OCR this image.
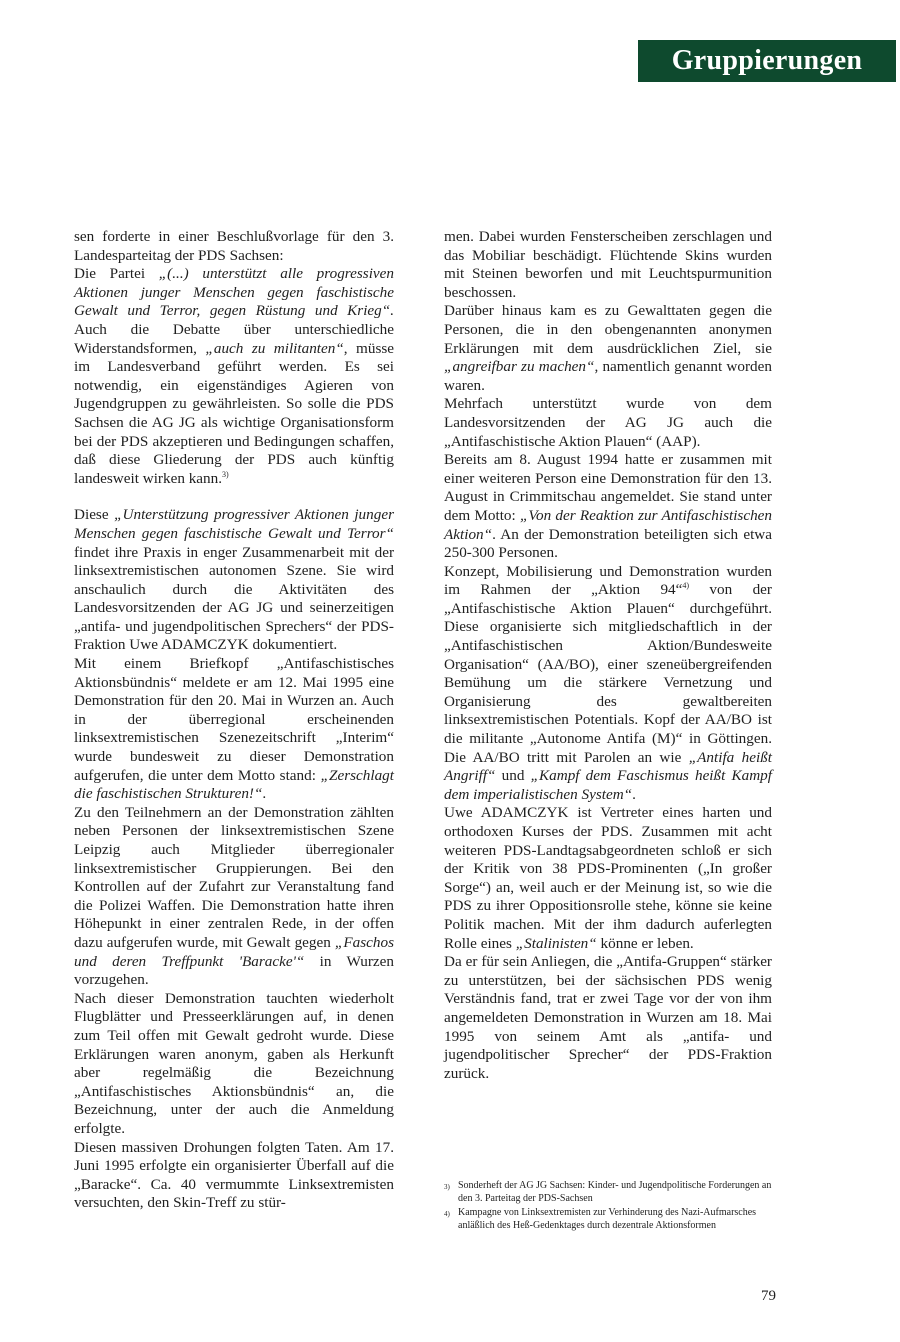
Gruppierungen

sen forderte in einer Beschlußvorlage für den 3. Landesparteitag der PDS Sachsen:
Die Partei „(...) unterstützt alle progressiven Aktionen junger Menschen gegen faschistische Gewalt und Terror, gegen Rüstung und Krieg“. Auch die Debatte über unterschiedliche Widerstandsformen, „auch zu militanten“, müsse im Landesverband geführt werden. Es sei notwendig, ein eigenständiges Agieren von Jugendgruppen zu gewährleisten. So solle die PDS Sachsen die AG JG als wichtige Organisationsform bei der PDS akzeptieren und Bedingungen schaffen, daß diese Gliederung der PDS auch künftig landesweit wirken kann.$^{3)}$

Diese „Unterstützung progressiver Aktionen junger Menschen gegen faschistische Gewalt und Terror“ findet ihre Praxis in enger Zusammenarbeit mit der linksextremistischen autonomen Szene. Sie wird anschaulich durch die Aktivitäten des Landesvorsitzenden der AG JG und seinerzeitigen „antifa- und jugendpolitischen Sprechers“ der PDS-Fraktion Uwe ADAMCZYK dokumentiert.

Mit einem Briefkopf „Antifaschistisches Aktionsbündnis“ meldete er am 12. Mai 1995 eine Demonstration für den 20. Mai in Wurzen an. Auch in der überregional erscheinenden linksextremistischen Szenezeitschrift „Interim“ wurde bundesweit zu dieser Demonstration aufgerufen, die unter dem Motto stand: „Zerschlagt die faschistischen Strukturen!“.

Zu den Teilnehmern an der Demonstration zählten neben Personen der linksextremistischen Szene Leipzig auch Mitglieder überregionaler linksextremistischer Gruppierungen. Bei den Kontrollen auf der Zufahrt zur Veranstaltung fand die Polizei Waffen. Die Demonstration hatte ihren Höhepunkt in einer zentralen Rede, in der offen dazu aufgerufen wurde, mit Gewalt gegen „Faschos und deren Treffpunkt 'Baracke'“ in Wurzen vorzugehen.

Nach dieser Demonstration tauchten wiederholt Flugblätter und Presseerklärungen auf, in denen zum Teil offen mit Gewalt gedroht wurde. Diese Erklärungen waren anonym, gaben als Herkunft aber regelmäßig die Bezeichnung „Antifaschistisches Aktionsbündnis“ an, die Bezeichnung, unter der auch die Anmeldung erfolgte.

Diesen massiven Drohungen folgten Taten. Am 17. Juni 1995 erfolgte ein organisierter Überfall auf die „Baracke“. Ca. 40 vermummte Linksextremisten versuchten, den Skin-Treff zu stür-

men. Dabei wurden Fensterscheiben zerschlagen und das Mobiliar beschädigt. Flüchtende Skins wurden mit Steinen beworfen und mit Leuchtspurmunition beschossen.

Darüber hinaus kam es zu Gewalttaten gegen die Personen, die in den obengenannten anonymen Erklärungen mit dem ausdrücklichen Ziel, sie „angreifbar zu machen“, namentlich genannt worden waren.

Mehrfach unterstützt wurde von dem Landesvorsitzenden der AG JG auch die „Antifaschistische Aktion Plauen“ (AAP).

Bereits am 8. August 1994 hatte er zusammen mit einer weiteren Person eine Demonstration für den 13. August in Crimmitschau angemeldet. Sie stand unter dem Motto: „Von der Reaktion zur Antifaschistischen Aktion“. An der Demonstration beteiligten sich etwa 250-300 Personen.

Konzept, Mobilisierung und Demonstration wurden im Rahmen der „Aktion 94“$^{4)}$ von der „Antifaschistische Aktion Plauen“ durchgeführt. Diese organisierte sich mitgliedschaftlich in der „Antifaschistischen Aktion/Bundesweite Organisation“ (AA/BO), einer szeneübergreifenden Bemühung um die stärkere Vernetzung und Organisierung des gewaltbereiten linksextremistischen Potentials. Kopf der AA/BO ist die militante „Autonome Antifa (M)“ in Göttingen. Die AA/BO tritt mit Parolen an wie „Antifa heißt Angriff“ und „Kampf dem Faschismus heißt Kampf dem imperialistischen System“.

Uwe ADAMCZYK ist Vertreter eines harten und orthodoxen Kurses der PDS. Zusammen mit acht weiteren PDS-Landtagsabgeordneten schloß er sich der Kritik von 38 PDS-Prominenten („In großer Sorge“) an, weil auch er der Meinung ist, so wie die PDS zu ihrer Oppositionsrolle stehe, könne sie keine Politik machen. Mit der ihm dadurch auferlegten Rolle eines „Stalinisten“ könne er leben.

Da er für sein Anliegen, die „Antifa-Gruppen“ stärker zu unterstützen, bei der sächsischen PDS wenig Verständnis fand, trat er zwei Tage vor der von ihm angemeldeten Demonstration in Wurzen am 18. Mai 1995 von seinem Amt als „antifa- und jugendpolitischer Sprecher“ der PDS-Fraktion zurück.

3) Sonderheft der AG JG Sachsen: Kinder- und Jugendpolitische Forderungen an den 3. Parteitag der PDS-Sachsen
4) Kampagne von Linksextremisten zur Verhinderung des Nazi-Aufmarsches anläßlich des Heß-Gedenktages durch dezentrale Aktionsformen
79
